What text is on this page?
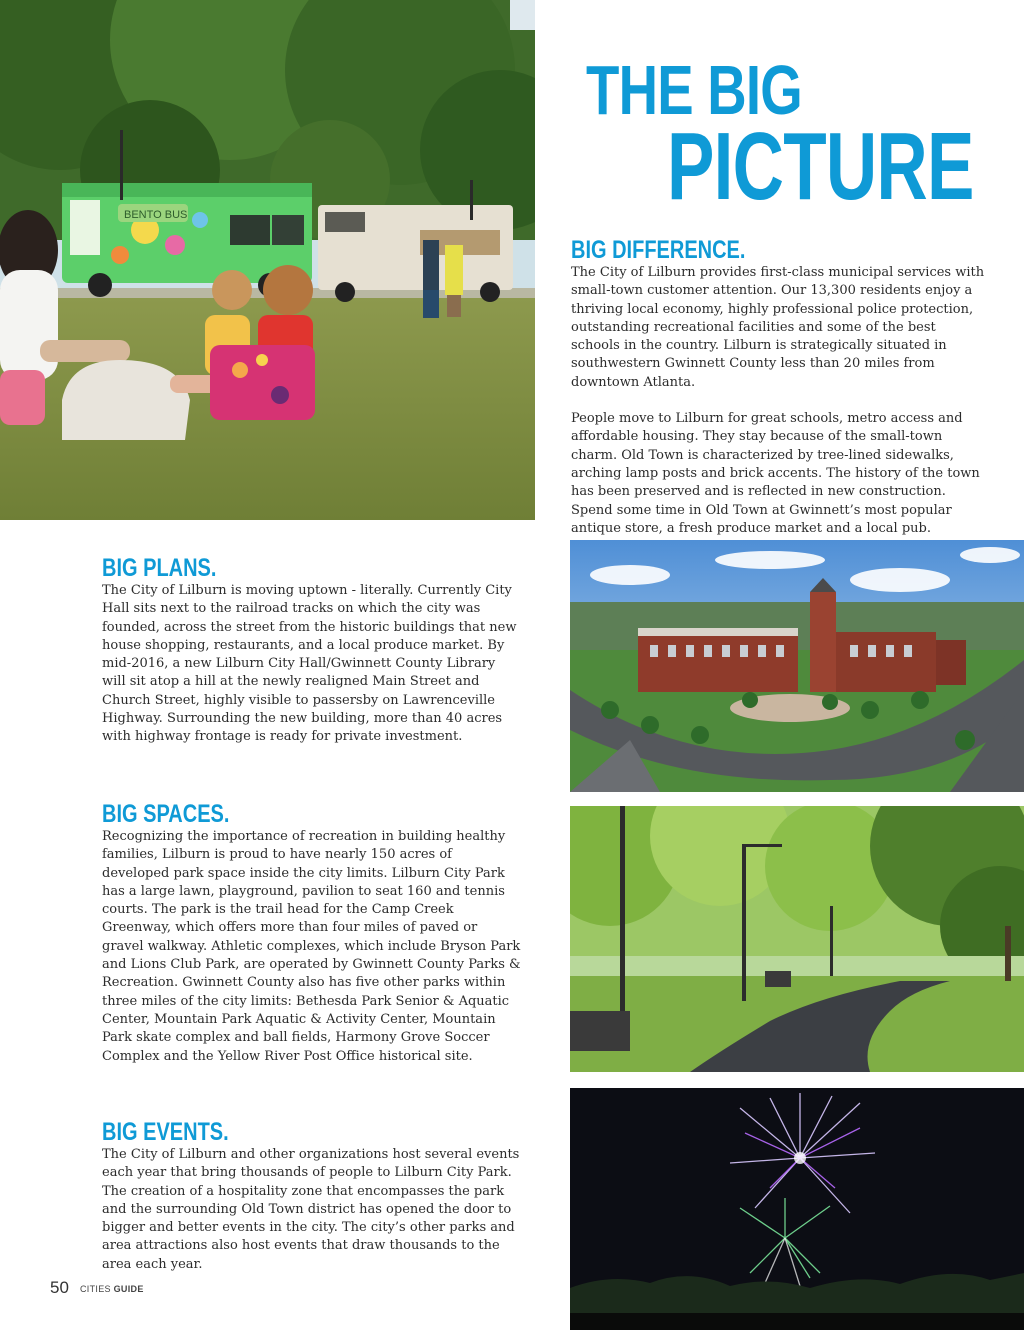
BENTO BUS
THE BIG
PICTURE
BIG DIFFERENCE.

The City of Lilburn provides first-class municipal services with small-town customer attention. Our 13,300 residents enjoy a thriving local economy, highly professional police protection, outstanding recreational facilities and some of the best schools in the country. Lilburn is strategically situated in southwestern Gwinnett County less than 20 miles from downtown Atlanta.

People move to Lilburn for great schools, metro access and affordable housing. They stay because of the small-town charm. Old Town is characterized by tree-lined sidewalks, arching lamp posts and brick accents. The history of the town has been preserved and is reflected in new construction. Spend some time in Old Town at Gwinnett’s most popular antique store, a fresh produce market and a local pub.

BIG PLANS.

The City of Lilburn is moving uptown - literally. Currently City Hall sits next to the railroad tracks on which the city was founded, across the street from the historic buildings that new house shopping, restaurants, and a local produce market. By mid-2016, a new Lilburn City Hall/Gwinnett County Library will sit atop a hill at the newly realigned Main Street and Church Street, highly visible to passersby on Lawrenceville Highway. Surrounding the new building, more than 40 acres with highway frontage is ready for private investment.

BIG SPACES.

Recognizing the importance of recreation in building healthy families, Lilburn is proud to have nearly 150 acres of developed park space inside the city limits. Lilburn City Park has a large lawn, playground, pavilion to seat 160 and tennis courts. The park is the trail head for the Camp Creek Greenway, which offers more than four miles of paved or gravel walkway. Athletic complexes, which include Bryson Park and Lions Club Park, are operated by Gwinnett County Parks & Recreation. Gwinnett County also has five other parks within three miles of the city limits: Bethesda Park Senior & Aquatic Center, Mountain Park Aquatic & Activity Center, Mountain Park skate complex and ball fields, Harmony Grove Soccer Complex and the Yellow River Post Office historical site.

BIG EVENTS.

The City of Lilburn and other organizations host several events each year that bring thousands of people to Lilburn City Park. The creation of a hospitality zone that encompasses the park and the surrounding Old Town district has opened the door to bigger and better events in the city. The city’s other parks and area attractions also host events that draw thousands to the area each year.

50 CITIES GUIDE
